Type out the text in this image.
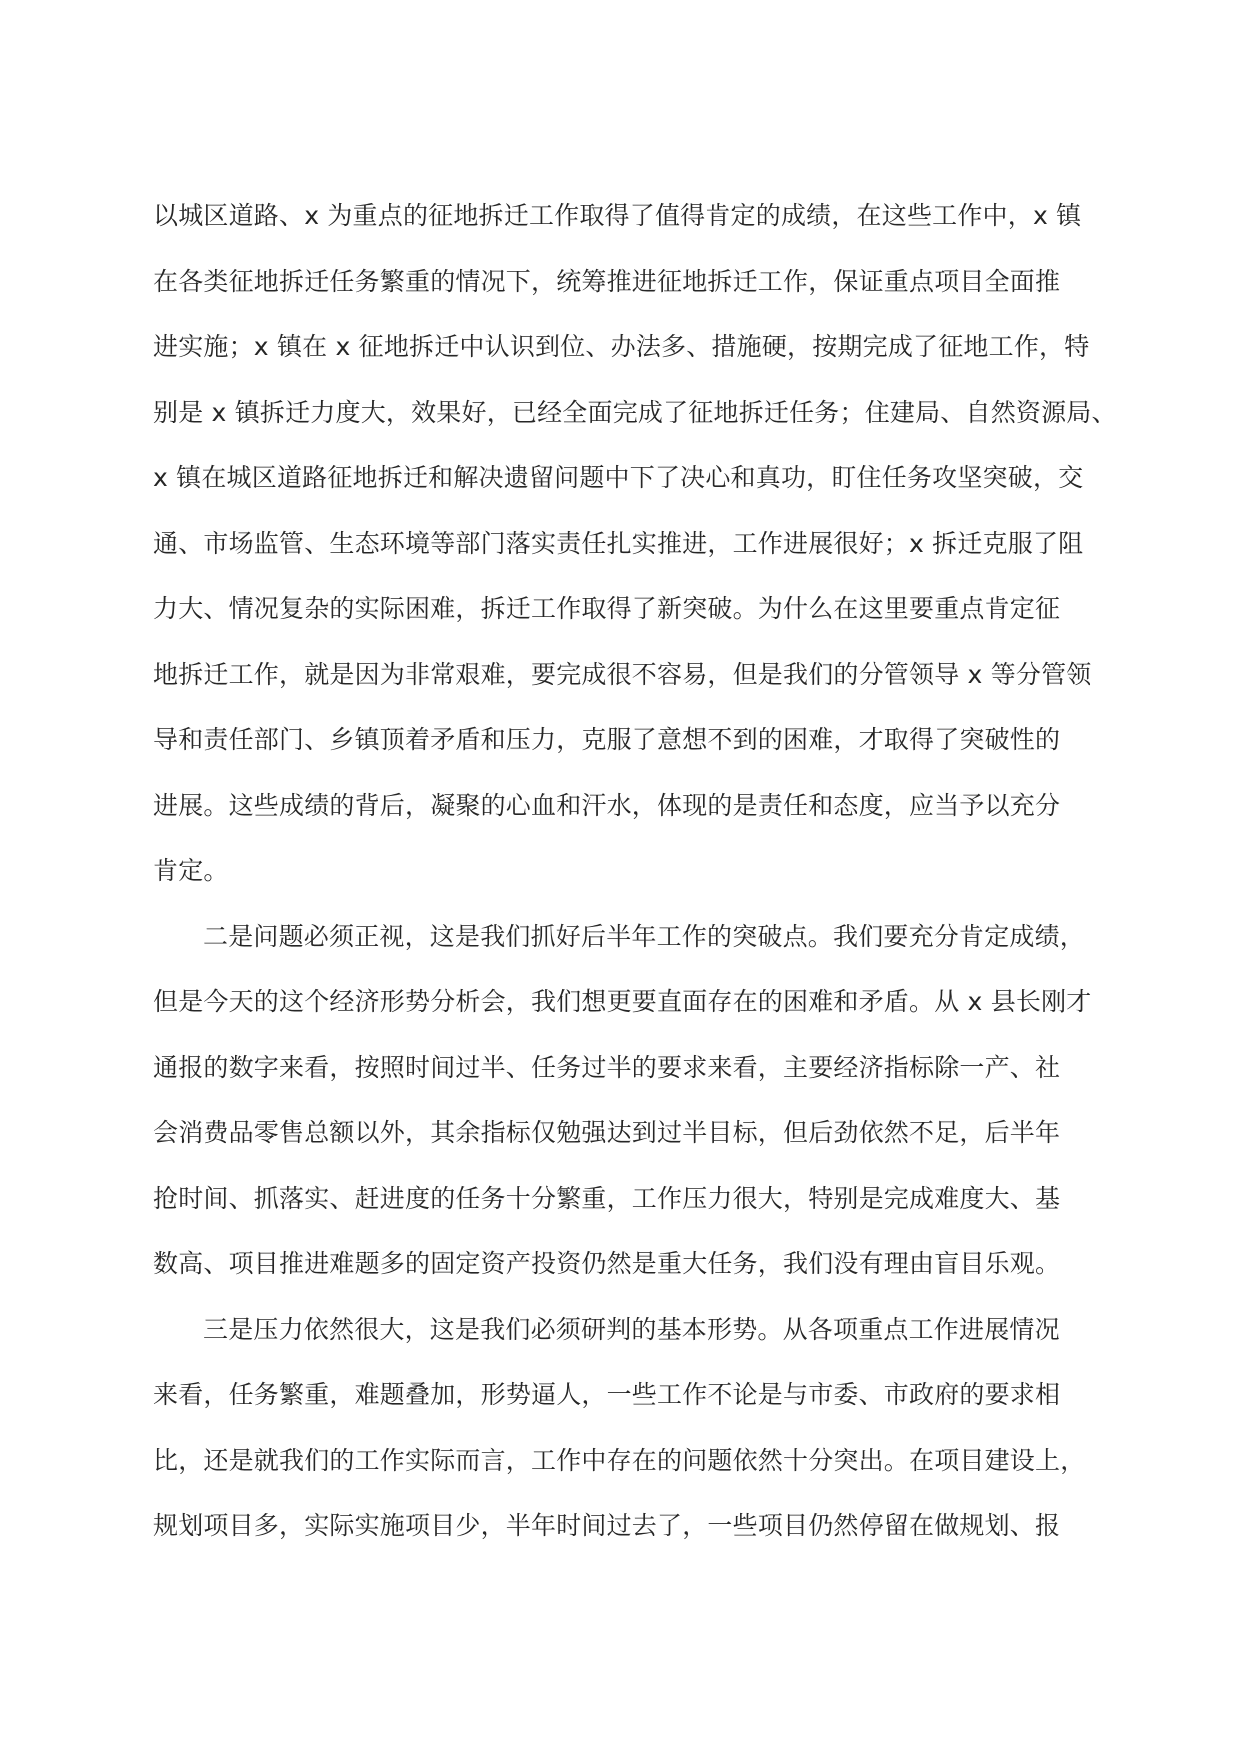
以城区道路、x 为重点的征地拆迁工作取得了值得肯定的成绩，在这些工作中，x 镇

在各类征地拆迁任务繁重的情况下，统筹推进征地拆迁工作，保证重点项目全面推

进实施；x 镇在 x 征地拆迁中认识到位、办法多、措施硬，按期完成了征地工作，特

别是 x 镇拆迁力度大，效果好，已经全面完成了征地拆迁任务；住建局、自然资源局、

x 镇在城区道路征地拆迁和解决遗留问题中下了决心和真功，盯住任务攻坚突破，交

通、市场监管、生态环境等部门落实责任扎实推进，工作进展很好；x 拆迁克服了阻

力大、情况复杂的实际困难，拆迁工作取得了新突破。为什么在这里要重点肯定征

地拆迁工作，就是因为非常艰难，要完成很不容易，但是我们的分管领导 x 等分管领

导和责任部门、乡镇顶着矛盾和压力，克服了意想不到的困难，才取得了突破性的

进展。这些成绩的背后，凝聚的心血和汗水，体现的是责任和态度，应当予以充分

肯定。

二是问题必须正视，这是我们抓好后半年工作的突破点。我们要充分肯定成绩，

但是今天的这个经济形势分析会，我们想更要直面存在的困难和矛盾。从 x 县长刚才

通报的数字来看，按照时间过半、任务过半的要求来看，主要经济指标除一产、社

会消费品零售总额以外，其余指标仅勉强达到过半目标，但后劲依然不足，后半年

抢时间、抓落实、赶进度的任务十分繁重，工作压力很大，特别是完成难度大、基

数高、项目推进难题多的固定资产投资仍然是重大任务，我们没有理由盲目乐观。

三是压力依然很大，这是我们必须研判的基本形势。从各项重点工作进展情况

来看，任务繁重，难题叠加，形势逼人，一些工作不论是与市委、市政府的要求相

比，还是就我们的工作实际而言，工作中存在的问题依然十分突出。在项目建设上，

规划项目多，实际实施项目少，半年时间过去了，一些项目仍然停留在做规划、报
